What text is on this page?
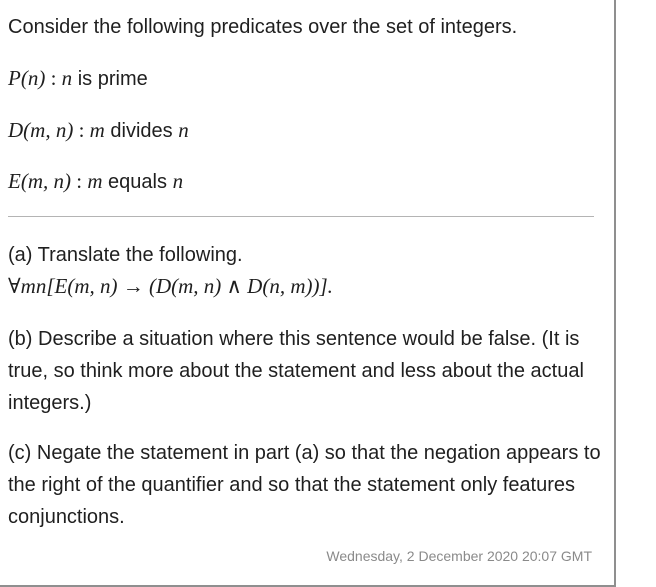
Consider the following predicates over the set of integers.
P(n) : n is prime
D(m, n) : m divides n
E(m, n) : m equals n
(a) Translate the following.
∀mn[E(m, n) → (D(m, n) ∧ D(n, m))].
(b) Describe a situation where this sentence would be false. (It is true, so think more about the statement and less about the actual integers.)
(c) Negate the statement in part (a) so that the negation appears to the right of the quantifier and so that the statement only features conjunctions.
Wednesday, 2 December 2020 20:07 GMT
